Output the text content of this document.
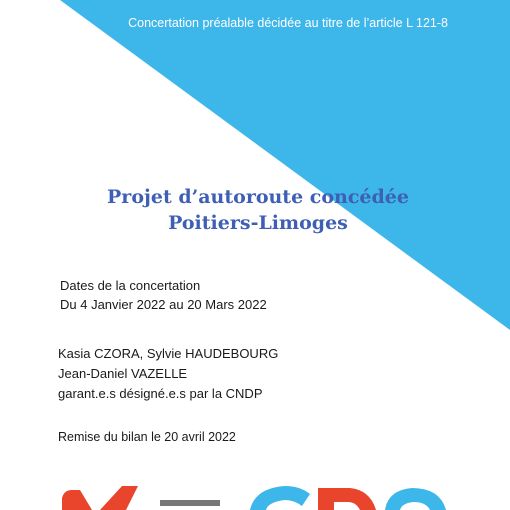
Concertation préalable décidée au titre de l’article L 121-8
Projet d’autoroute concédée
Poitiers-Limoges
Dates de la concertation
Du 4 Janvier 2022 au 20 Mars 2022
Kasia CZORA, Sylvie HAUDEBOURG
Jean-Daniel VAZELLE
garant.e.s désigné.e.s par la CNDP
Remise du bilan le 20 avril 2022
